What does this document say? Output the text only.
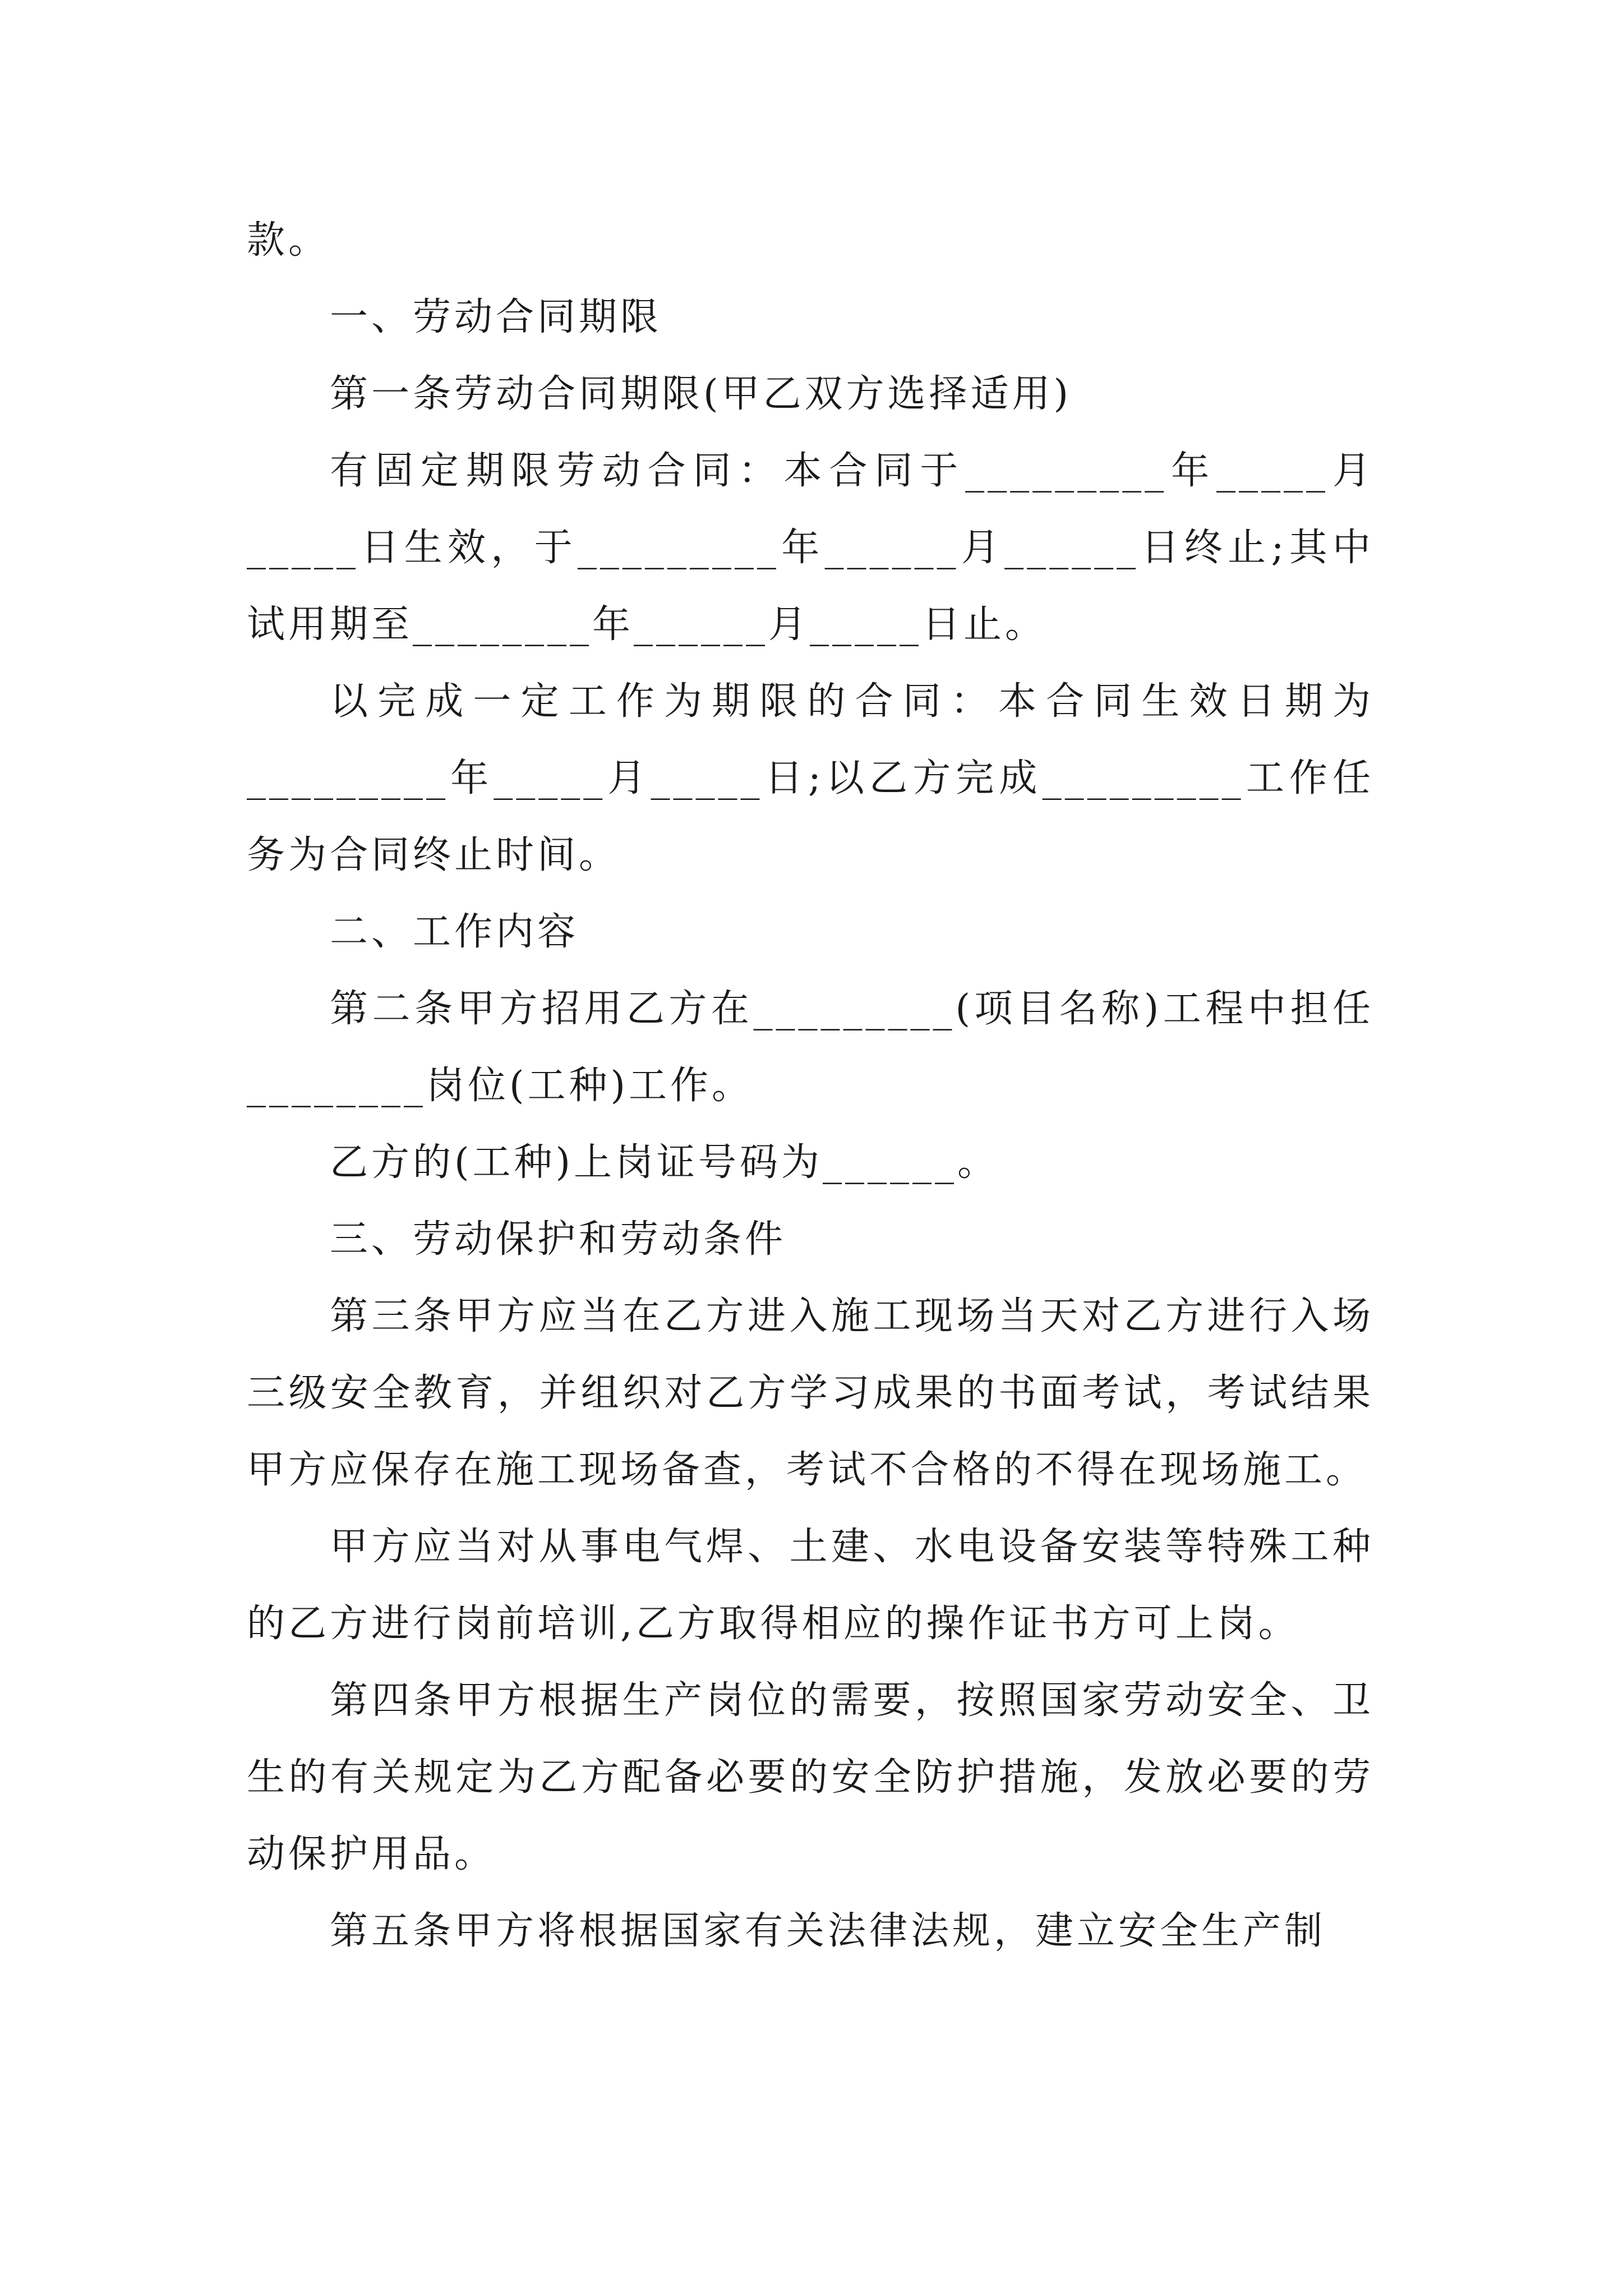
款。

一、劳动合同期限

第一条劳动合同期限(甲乙双方选择适用)

有固定期限劳动合同：本合同于_________年_____月_____日生效，于_________年______月______日终止;其中试用期至________年______月_____日止。

以完成一定工作为期限的合同：本合同生效日期为_________年_____月_____日;以乙方完成_________工作任务为合同终止时间。

二、工作内容

第二条甲方招用乙方在_________(项目名称)工程中担任________岗位(工种)工作。

乙方的(工种)上岗证号码为______。

三、劳动保护和劳动条件

第三条甲方应当在乙方进入施工现场当天对乙方进行入场三级安全教育，并组织对乙方学习成果的书面考试，考试结果甲方应保存在施工现场备查，考试不合格的不得在现场施工。

甲方应当对从事电气焊、土建、水电设备安装等特殊工种的乙方进行岗前培训,乙方取得相应的操作证书方可上岗。

第四条甲方根据生产岗位的需要，按照国家劳动安全、卫生的有关规定为乙方配备必要的安全防护措施，发放必要的劳动保护用品。

第五条甲方将根据国家有关法律法规，建立安全生产制
